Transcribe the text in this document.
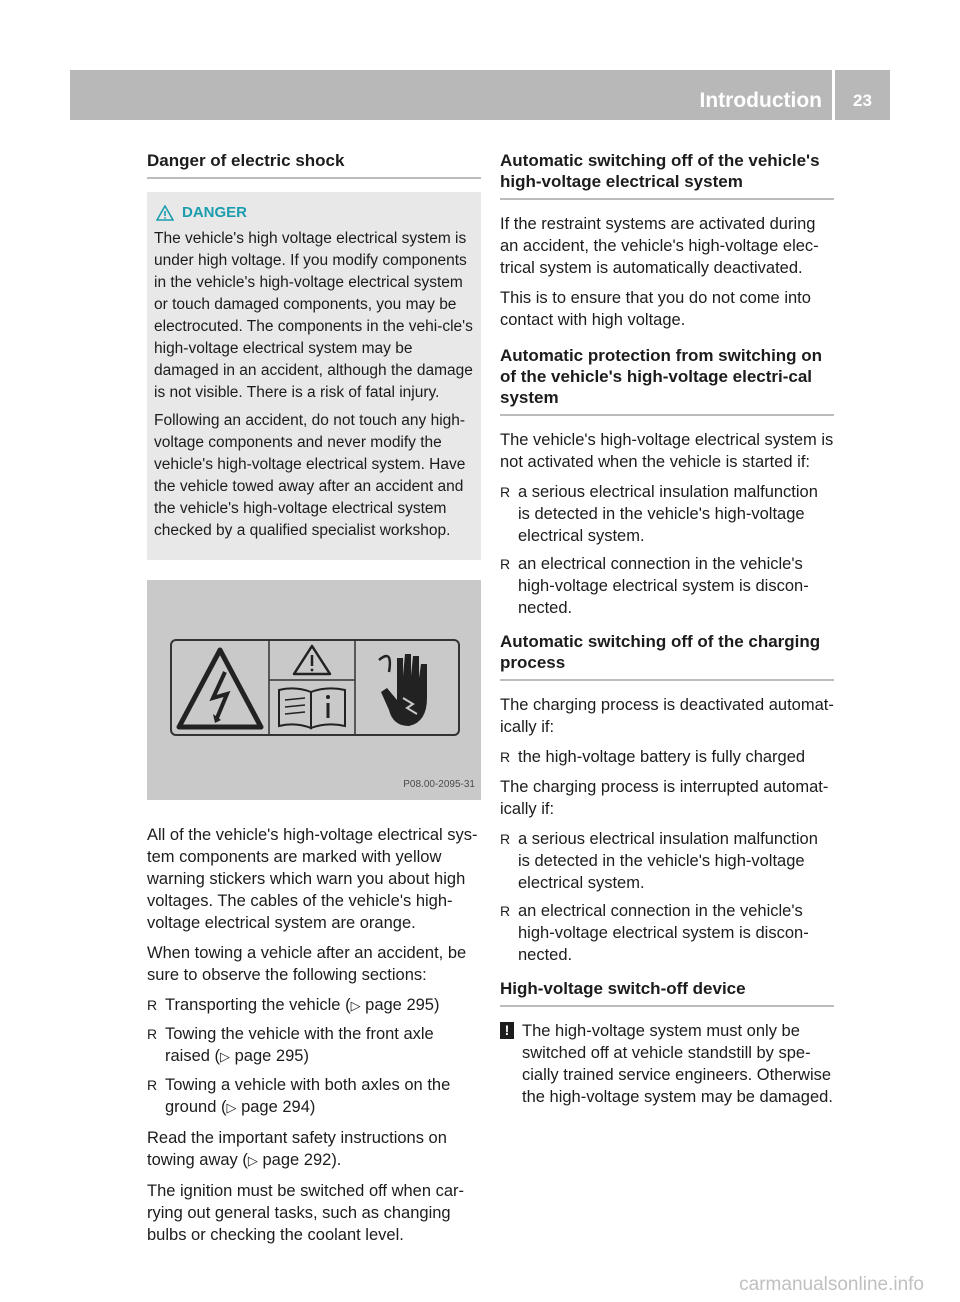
Introduction	23
Danger of electric shock
DANGER

The vehicle's high voltage electrical system is under high voltage. If you modify components in the vehicle's high-voltage electrical system or touch damaged components, you may be electrocuted. The components in the vehi-cle's high-voltage electrical system may be damaged in an accident, although the damage is not visible. There is a risk of fatal injury.

Following an accident, do not touch any high-voltage components and never modify the vehicle's high-voltage electrical system. Have the vehicle towed away after an accident and the vehicle's high-voltage electrical system checked by a qualified specialist workshop.

P08.00-2095-31

All of the vehicle's high-voltage electrical sys-tem components are marked with yellow warning stickers which warn you about high voltages. The cables of the vehicle's high-voltage electrical system are orange.

When towing a vehicle after an accident, be sure to observe the following sections:

R Transporting the vehicle (▷ page 295)
R Towing the vehicle with the front axle raised (▷ page 295)
R Towing a vehicle with both axles on the ground (▷ page 294)

Read the important safety instructions on towing away (▷ page 292).

The ignition must be switched off when car-rying out general tasks, such as changing bulbs or checking the coolant level.

Automatic switching off of the vehicle's high-voltage electrical system

If the restraint systems are activated during an accident, the vehicle's high-voltage elec-trical system is automatically deactivated.

This is to ensure that you do not come into contact with high voltage.

Automatic protection from switching on of the vehicle's high-voltage electri-cal system

The vehicle's high-voltage electrical system is not activated when the vehicle is started if:

R a serious electrical insulation malfunction is detected in the vehicle's high-voltage electrical system.
R an electrical connection in the vehicle's high-voltage electrical system is discon-nected.
Automatic switching off of the charging process

The charging process is deactivated automat-ically if:

R the high-voltage battery is fully charged

The charging process is interrupted automat-ically if:

R a serious electrical insulation malfunction is detected in the vehicle's high-voltage electrical system.
R an electrical connection in the vehicle's high-voltage electrical system is discon-nected.
High-voltage switch-off device
! The high-voltage system must only be switched off at vehicle standstill by spe-cially trained service engineers. Otherwise the high-voltage system may be damaged.
carmanualsonline.info
